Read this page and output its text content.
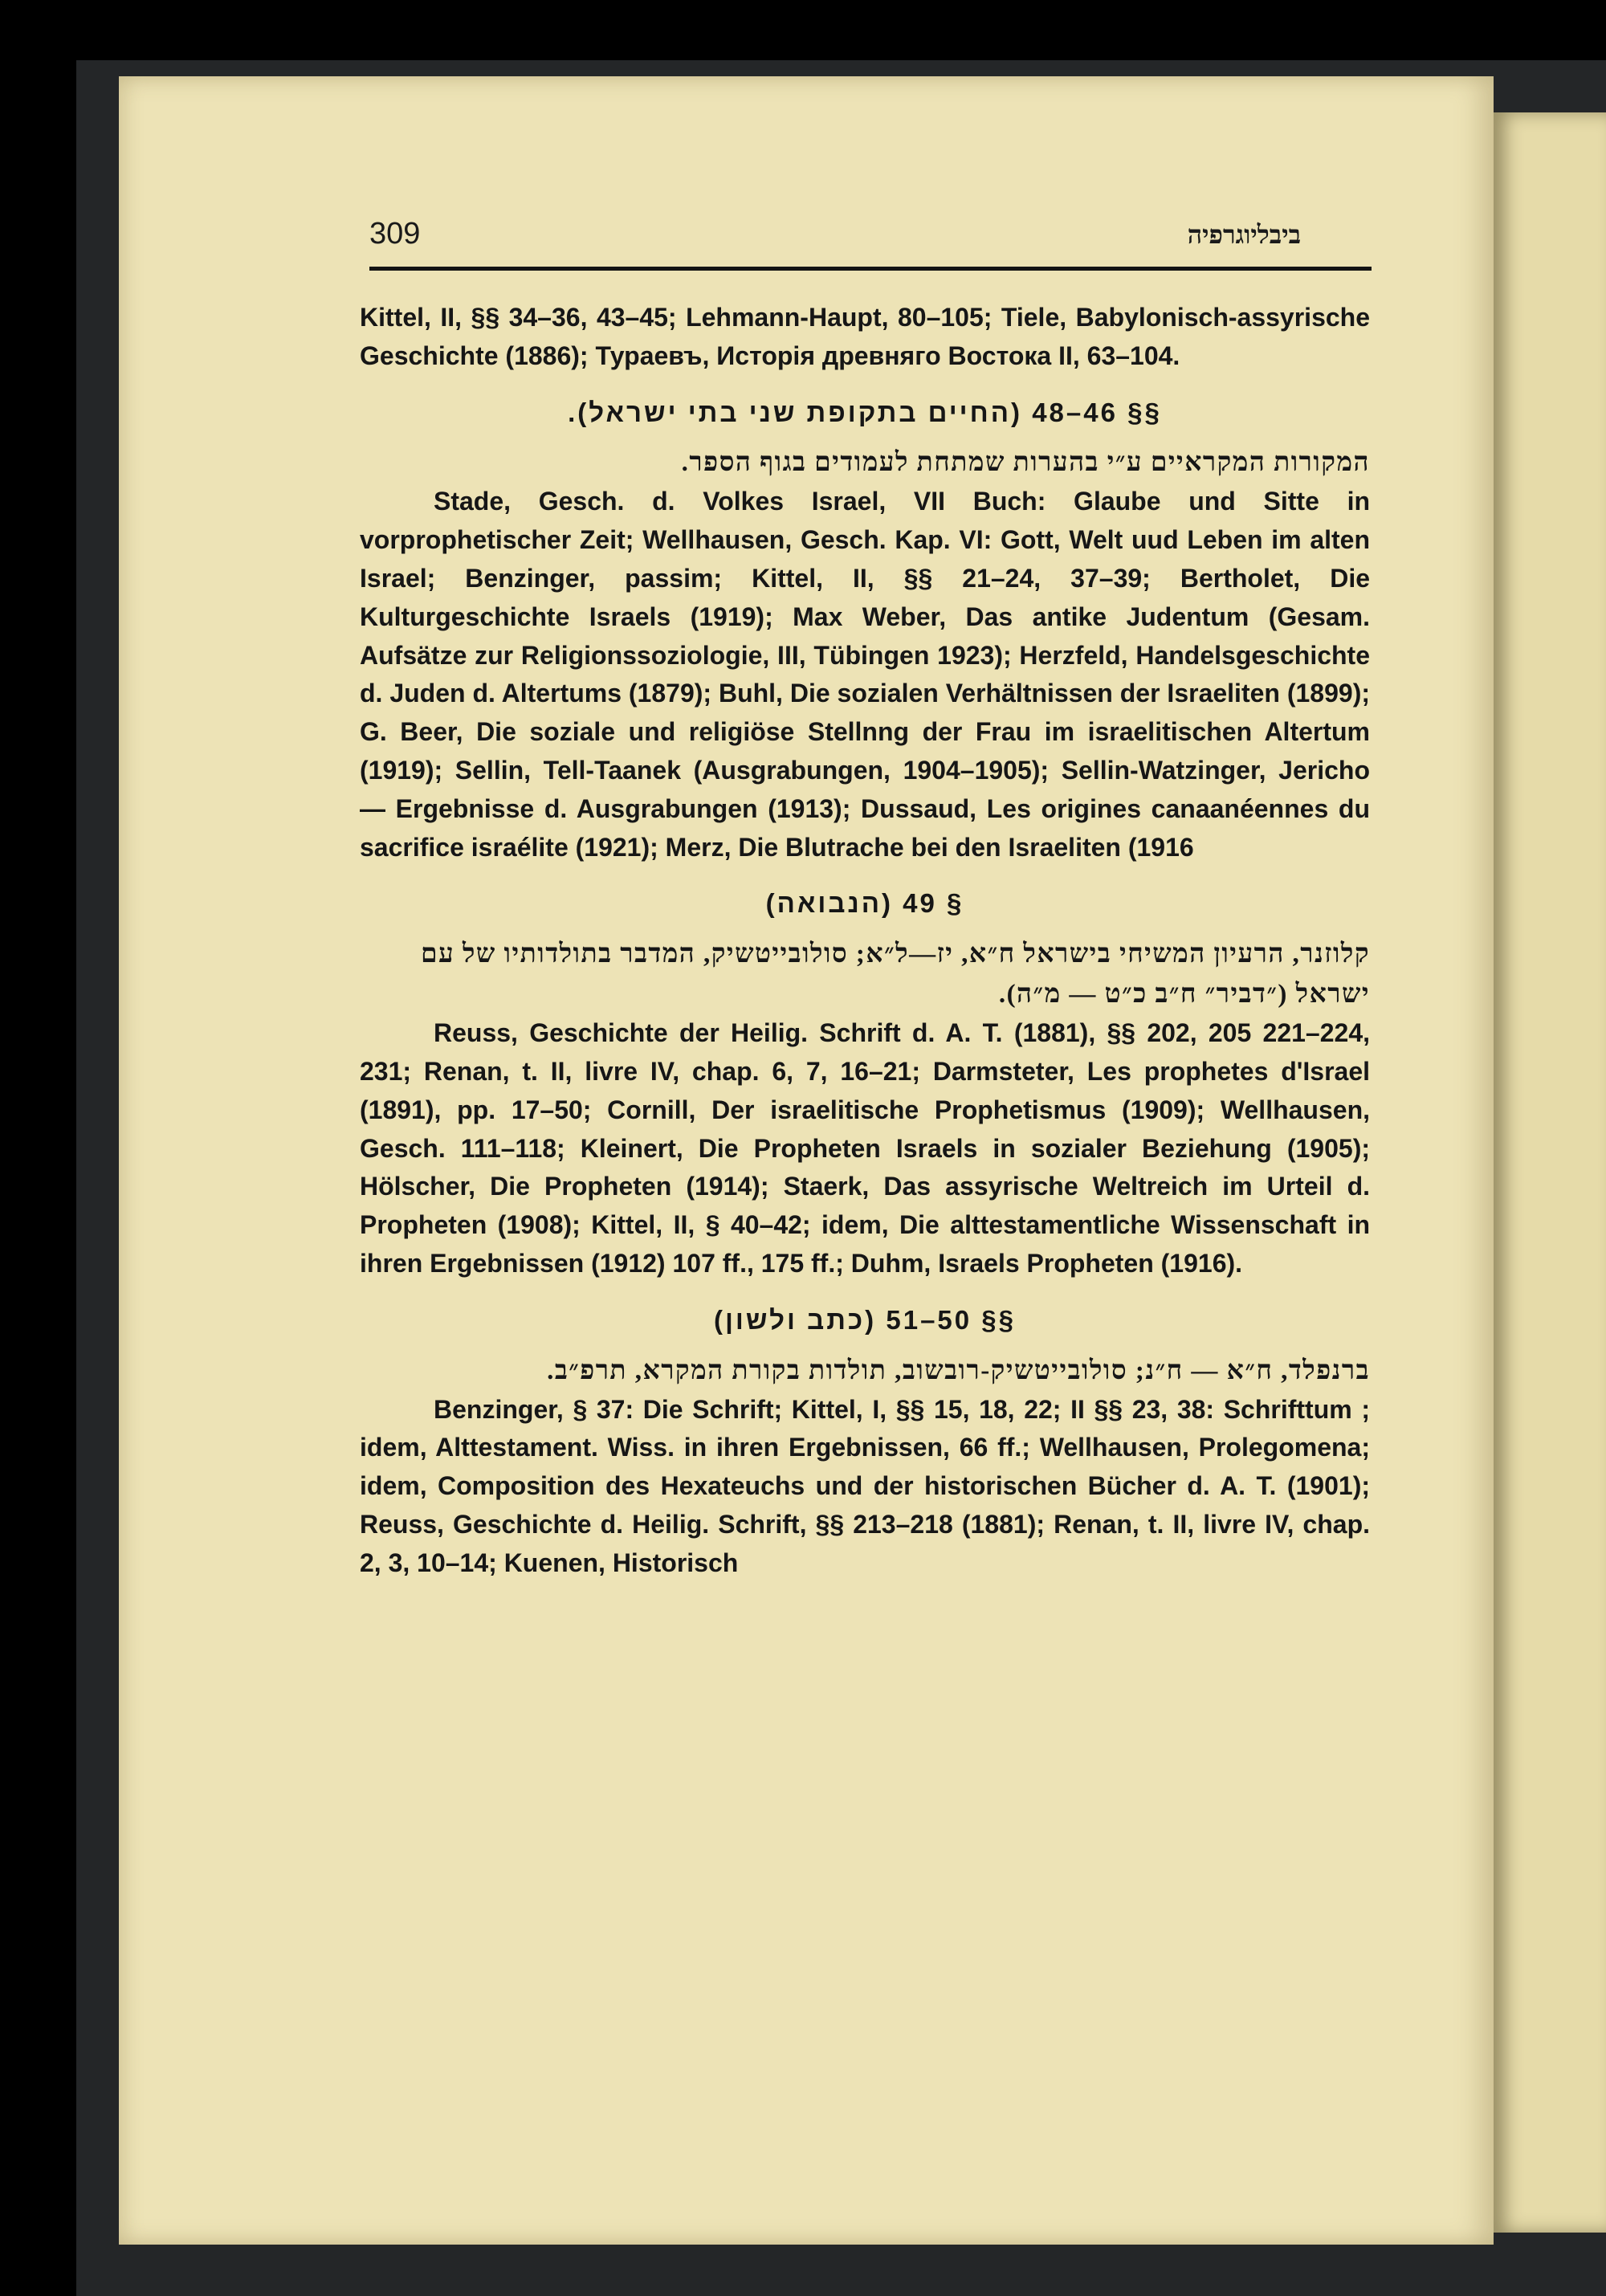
309	ביבליוגרפיה

Kittel, II, §§ 34–36, 43–45; Lehmann-Haupt, 80–105; Tiele, Babylonisch-assyrische Geschichte (1886); Тураевъ, Исторія древняго Востока II, 63–104.

§§ 46–48 (החיים בתקופת שני בתי ישראל).

המקורות המקראיים ע״י בהערות שמתחת לעמודים בגוף הספר.

Stade, Gesch. d. Volkes Israel, VII Buch: Glaube und Sitte in vorprophetischer Zeit; Wellhausen, Gesch. Kap. VI: Gott, Welt uud Leben im alten Israel; Benzinger, passim; Kittel, II, §§ 21–24, 37–39; Bertholet, Die Kulturgeschichte Israels (1919); Max Weber, Das antike Judentum (Gesam. Aufsätze zur Religionssoziologie, III, Tübingen 1923); Herzfeld, Handelsgeschichte d. Juden d. Altertums (1879); Buhl, Die sozialen Verhältnissen der Israeliten (1899); G. Beer, Die soziale und religiöse Stellnng der Frau im israelitischen Altertum (1919); Sellin, Tell-Taanek (Ausgrabungen, 1904–1905); Sellin-Watzinger, Jericho — Ergebnisse d. Ausgrabungen (1913); Dussaud, Les origines canaanéennes du sacrifice israélite (1921); Merz, Die Blutrache bei den Israeliten (1916

§ 49 (הנבואה)

קלוזנר, הרעיון המשיחי בישראל ח״א, יז—ל״א; סולובייטשיק, המדבר בתולדותיו של עם ישראל (״דביר״ ח״ב כ״ט — מ״ה).

Reuss, Geschichte der Heilig. Schrift d. A. T. (1881), §§ 202, 205 221–224, 231; Renan, t. II, livre IV, chap. 6, 7, 16–21; Darmsteter, Les prophetes d'Israel (1891), pp. 17–50; Cornill, Der israelitische Prophetismus (1909); Wellhausen, Gesch. 111–118; Kleinert, Die Propheten Israels in sozialer Beziehung (1905); Hölscher, Die Propheten (1914); Staerk, Das assyrische Weltreich im Urteil d. Propheten (1908); Kittel, II, § 40–42; idem, Die alttestamentliche Wissenschaft in ihren Ergebnissen (1912) 107 ff., 175 ff.; Duhm, Israels Propheten (1916).

§§ 50–51 (כתב ולשון)

ברנפלד, ח״א — ח״נ; סולובייטשיק-רובשוב, תולדות בקורת המקרא, תרפ״ב.

Benzinger, § 37: Die Schrift; Kittel, I, §§ 15, 18, 22; II §§ 23, 38: Schrifttum ; idem, Alttestament. Wiss. in ihren Ergebnissen, 66 ff.; Wellhausen, Prolegomena; idem, Composition des Hexateuchs und der historischen Bücher d. A. T. (1901); Reuss, Geschichte d. Heilig. Schrift, §§ 213–218 (1881); Renan, t. II, livre IV, chap. 2, 3, 10–14; Kuenen, Historisch
